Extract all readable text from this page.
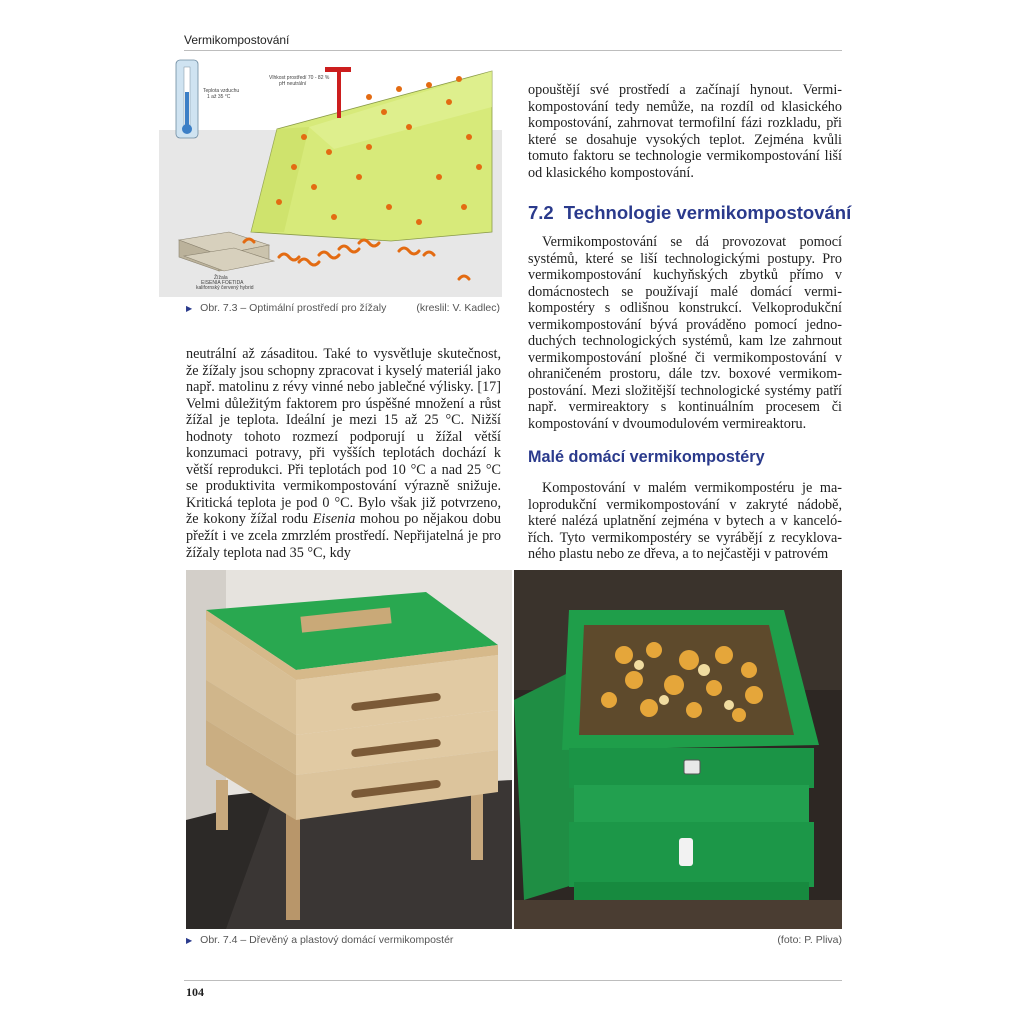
Vermikompostování
Teplota vzduchu 1 až 35 °C
Vlhkost prostředí 70 - 82 % pH neutrální
Žížala EISENIA FOETIDA kalifornský červený hybrid
▶ Obr. 7.3 – Optimální prostředí pro žížaly	(kreslil: V. Kadlec)

neutrální až zásaditou. Také to vysvětluje skutečnost, že žížaly jsou schopny zpracovat i kyselý materiál jako např. matolinu z révy vinné nebo jablečné výlisky. [17] Velmi důležitým faktorem pro úspěšné množení a růst žížal je teplota. Ideální je mezi 15 až 25 °C. Nižší hodnoty tohoto rozmezí podporují u žížal větší konzumaci potravy, při vyšších teplotách dochází k větší reprodukci. Při teplotách pod 10 °C a nad 25 °C se produktivita vermikompostování výrazně snižuje. Kritická teplota je pod 0 °C. Bylo však již potvrzeno, že kokony žížal rodu Eisenia mohou po nějakou dobu přežít i ve zcela zmrzlém prostředí. Nepřijatelná je pro žížaly teplota nad 35 °C, kdy

opouštějí své prostředí a začínají hynout. Vermikompostování tedy nemůže, na rozdíl od klasického kompostování, zahrnovat termofilní fázi rozkladu, při které se dosahuje vysokých teplot. Zejména kvůli tomuto faktoru se technologie vermikompostování liší od klasického kompostování.

7.2 Technologie vermikompostování

Vermikompostování se dá provozovat pomocí systémů, které se liší technologickými postupy. Pro vermikompostování kuchyňských zbytků přímo v domácnostech se používají malé domácí vermikompostéry s odlišnou konstrukcí. Velkoprodukční vermikompostování bývá prováděno pomocí jednoduchých technologických systémů, kam lze zahrnout vermikompostování plošné či vermikompostování v ohraničeném prostoru, dále tzv. boxové vermikompostování. Mezi složitější technologické systémy patří např. vermireaktory s kontinuálním procesem či kompostování v dvoumodulovém vermireaktoru.

Malé domácí vermikompostéry

Kompostování v malém vermikompostéru je maloprodukční vermikompostování v zakryté nádobě, které nalézá uplatnění zejména v bytech a v kancelóřích. Tyto vermikompostéry se vyrábějí z recyklovaného plastu nebo ze dřeva, a to nejčastěji v patrovém

▶ Obr. 7.4 – Dřevěný a plastový domácí vermikompostér	(foto: P. Pliva)
104
